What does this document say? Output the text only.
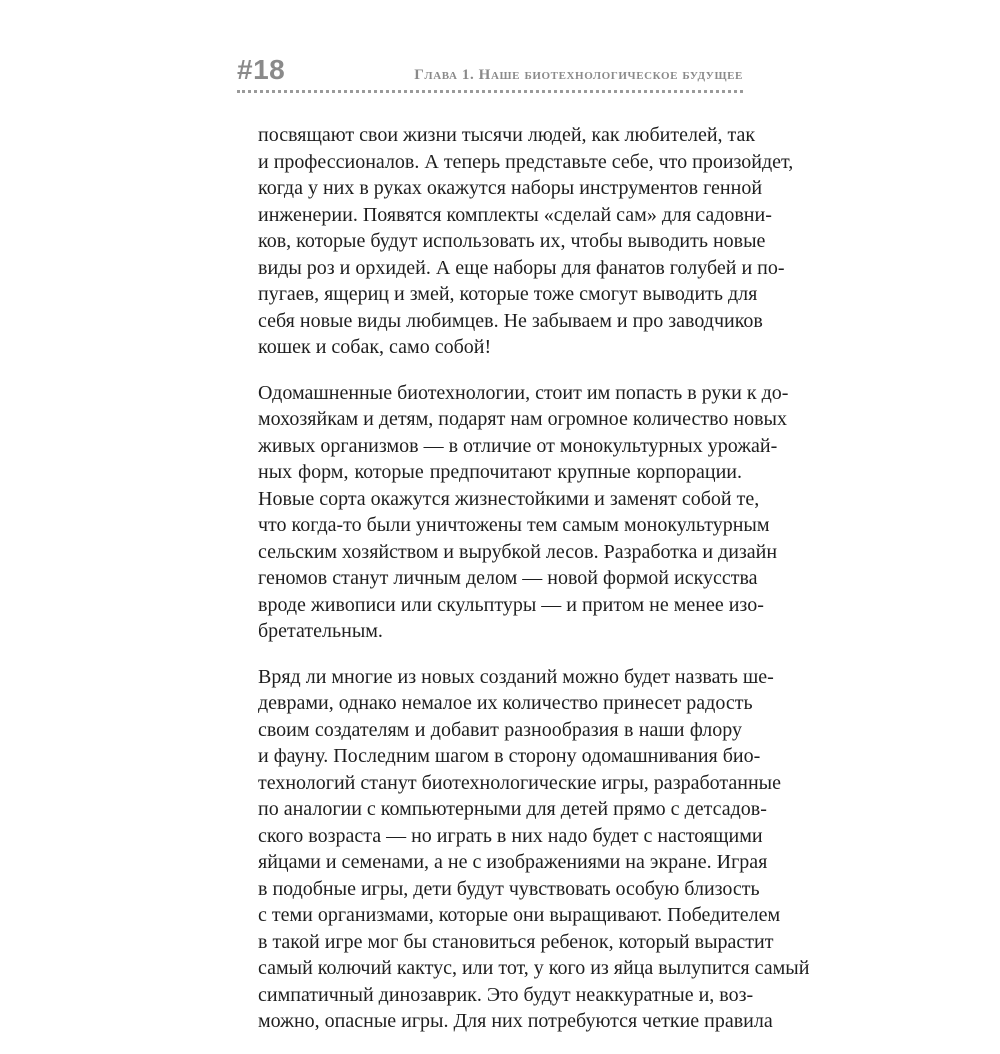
#18	Глава 1. Наше биотехнологическое будущее
посвящают свои жизни тысячи людей, как любителей, так
и профессионалов. А теперь представьте себе, что произойдет,
когда у них в руках окажутся наборы инструментов генной
инженерии. Появятся комплекты «сделай сам» для садовни-
ков, которые будут использовать их, чтобы выводить новые
виды роз и орхидей. А еще наборы для фанатов голубей и по-
пугаев, ящериц и змей, которые тоже смогут выводить для
себя новые виды любимцев. Не забываем и про заводчиков
кошек и собак, само собой!
Одомашненные биотехнологии, стоит им попасть в руки к до-
мохозяйкам и детям, подарят нам огромное количество новых
живых организмов — в отличие от монокультурных урожай-
ных форм, которые предпочитают крупные корпорации.
Новые сорта окажутся жизнестойкими и заменят собой те,
что когда-то были уничтожены тем самым монокультурным
сельским хозяйством и вырубкой лесов. Разработка и дизайн
геномов станут личным делом — новой формой искусства
вроде живописи или скульптуры — и притом не менее изо-
бретательным.
Вряд ли многие из новых созданий можно будет назвать ше-
деврами, однако немалое их количество принесет радость
своим создателям и добавит разнообразия в наши флору
и фауну. Последним шагом в сторону одомашнивания био-
технологий станут биотехнологические игры, разработанные
по аналогии с компьютерными для детей прямо с детсадов-
ского возраста — но играть в них надо будет с настоящими
яйцами и семенами, а не с изображениями на экране. Играя
в подобные игры, дети будут чувствовать особую близость
с теми организмами, которые они выращивают. Победителем
в такой игре мог бы становиться ребенок, который вырастит
самый колючий кактус, или тот, у кого из яйца вылупится самый
симпатичный динозаврик. Это будут неаккуратные и, воз-
можно, опасные игры. Для них потребуются четкие правила
